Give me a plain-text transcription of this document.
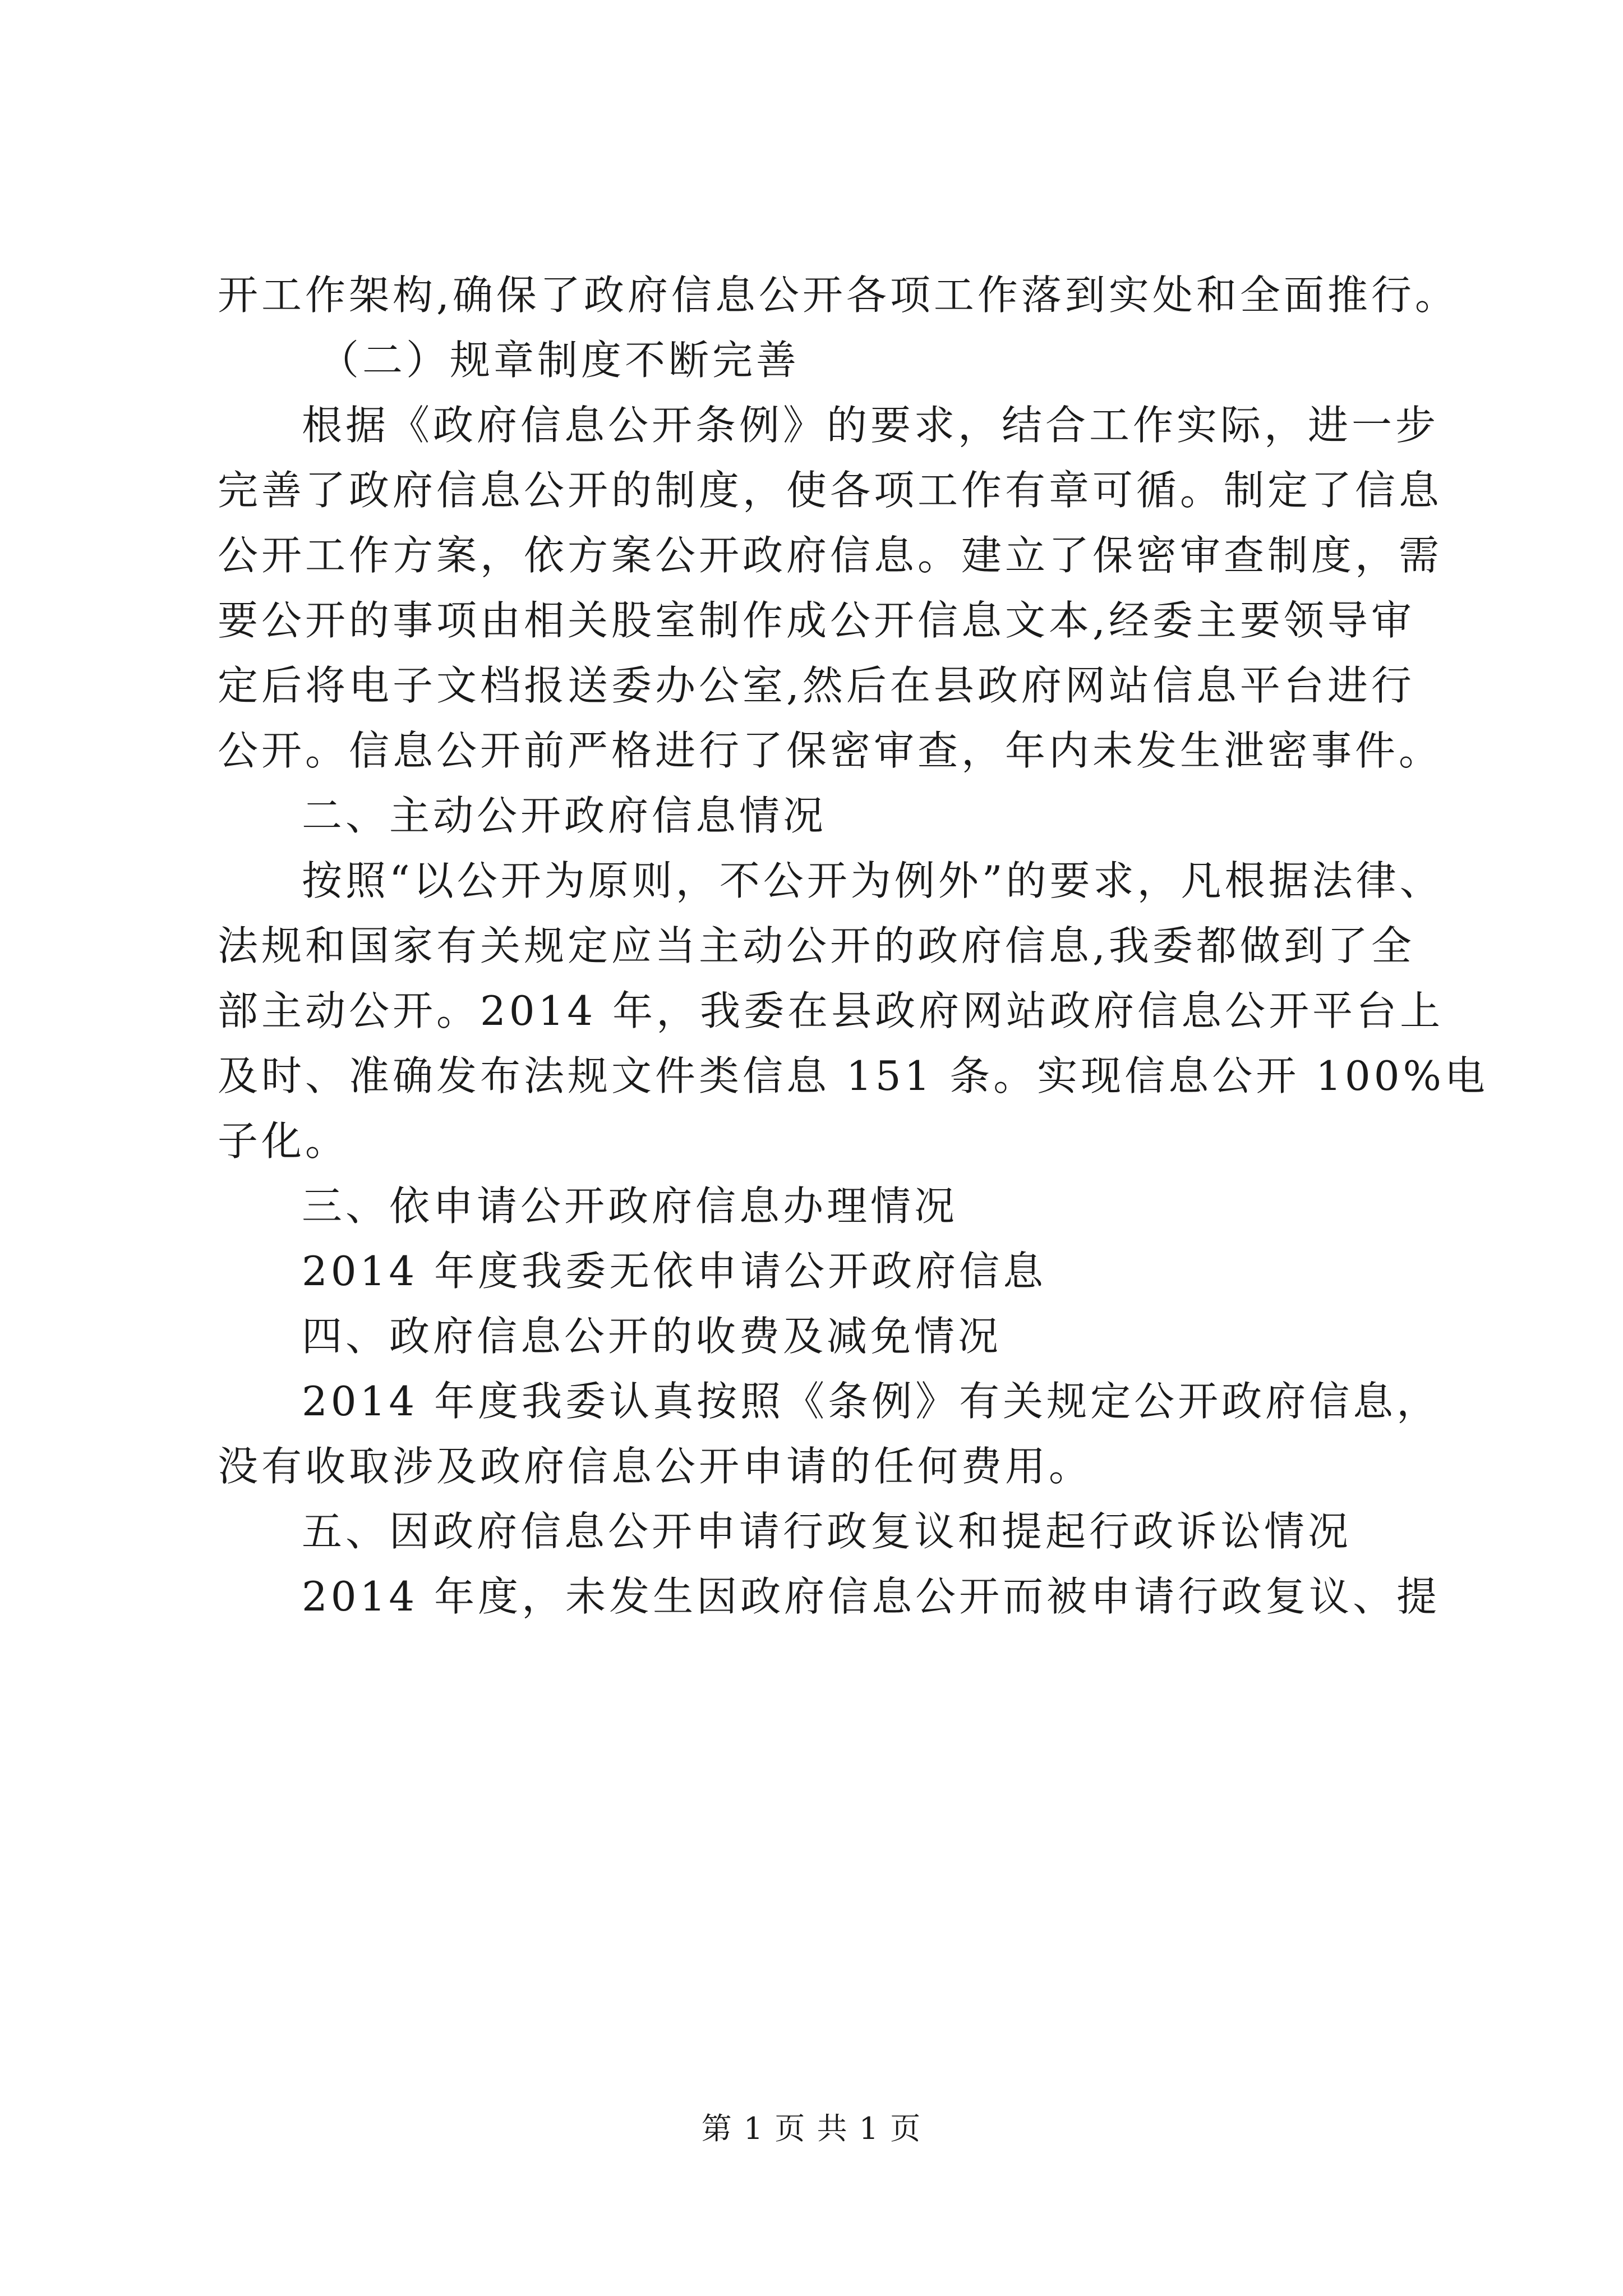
开工作架构,确保了政府信息公开各项工作落到实处和全面推行。
（二）规章制度不断完善
根据《政府信息公开条例》的要求，结合工作实际，进一步
完善了政府信息公开的制度，使各项工作有章可循。制定了信息
公开工作方案，依方案公开政府信息。建立了保密审查制度，需
要公开的事项由相关股室制作成公开信息文本,经委主要领导审
定后将电子文档报送委办公室,然后在县政府网站信息平台进行
公开。信息公开前严格进行了保密审查，年内未发生泄密事件。
二、主动公开政府信息情况
按照“以公开为原则，不公开为例外”的要求，凡根据法律、
法规和国家有关规定应当主动公开的政府信息,我委都做到了全
部主动公开。2014 年，我委在县政府网站政府信息公开平台上
及时、准确发布法规文件类信息 151 条。实现信息公开 100%电
子化。
三、依申请公开政府信息办理情况
2014 年度我委无依申请公开政府信息
四、政府信息公开的收费及减免情况
2014 年度我委认真按照《条例》有关规定公开政府信息，
没有收取涉及政府信息公开申请的任何费用。
五、因政府信息公开申请行政复议和提起行政诉讼情况
2014 年度，未发生因政府信息公开而被申请行政复议、提
第 1 页 共 1 页
